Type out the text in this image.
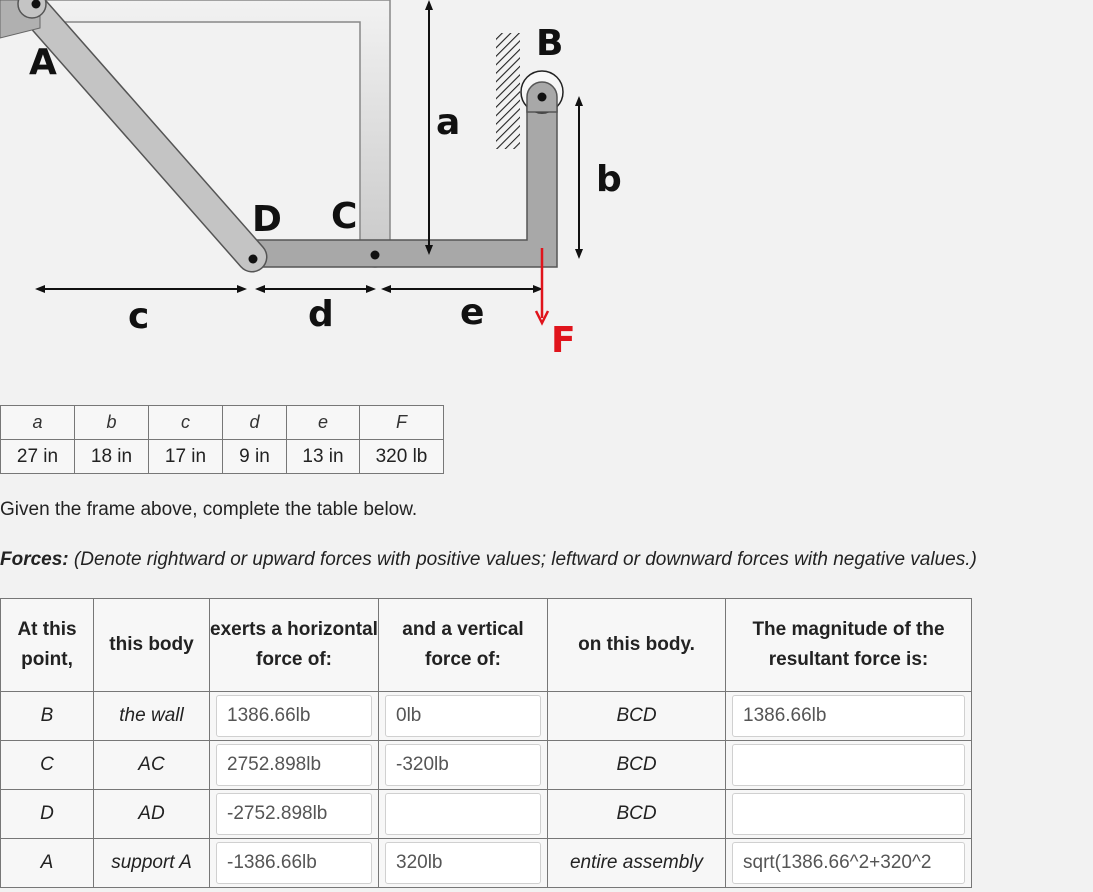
A	B
D C
a
b
c	d	e
F
a	b	c	d	e	F
27 in	18 in	17 in	9 in	13 in	320 lb
Given the frame above, complete the table below.
Forces: (Denote rightward or upward forces with positive values; leftward or downward forces with negative values.)
At this point,	this body	exerts a horizontal force of:	and a vertical force of:	on this body.	The magnitude of the resultant force is:
B	the wall	1386.66lb	0lb	BCD	1386.66lb
C	AC	2752.898lb	-320lb	BCD	
D	AD	-2752.898lb		BCD	
A	support A	-1386.66lb	320lb	entire assembly	sqrt(1386.66^2+320^2
